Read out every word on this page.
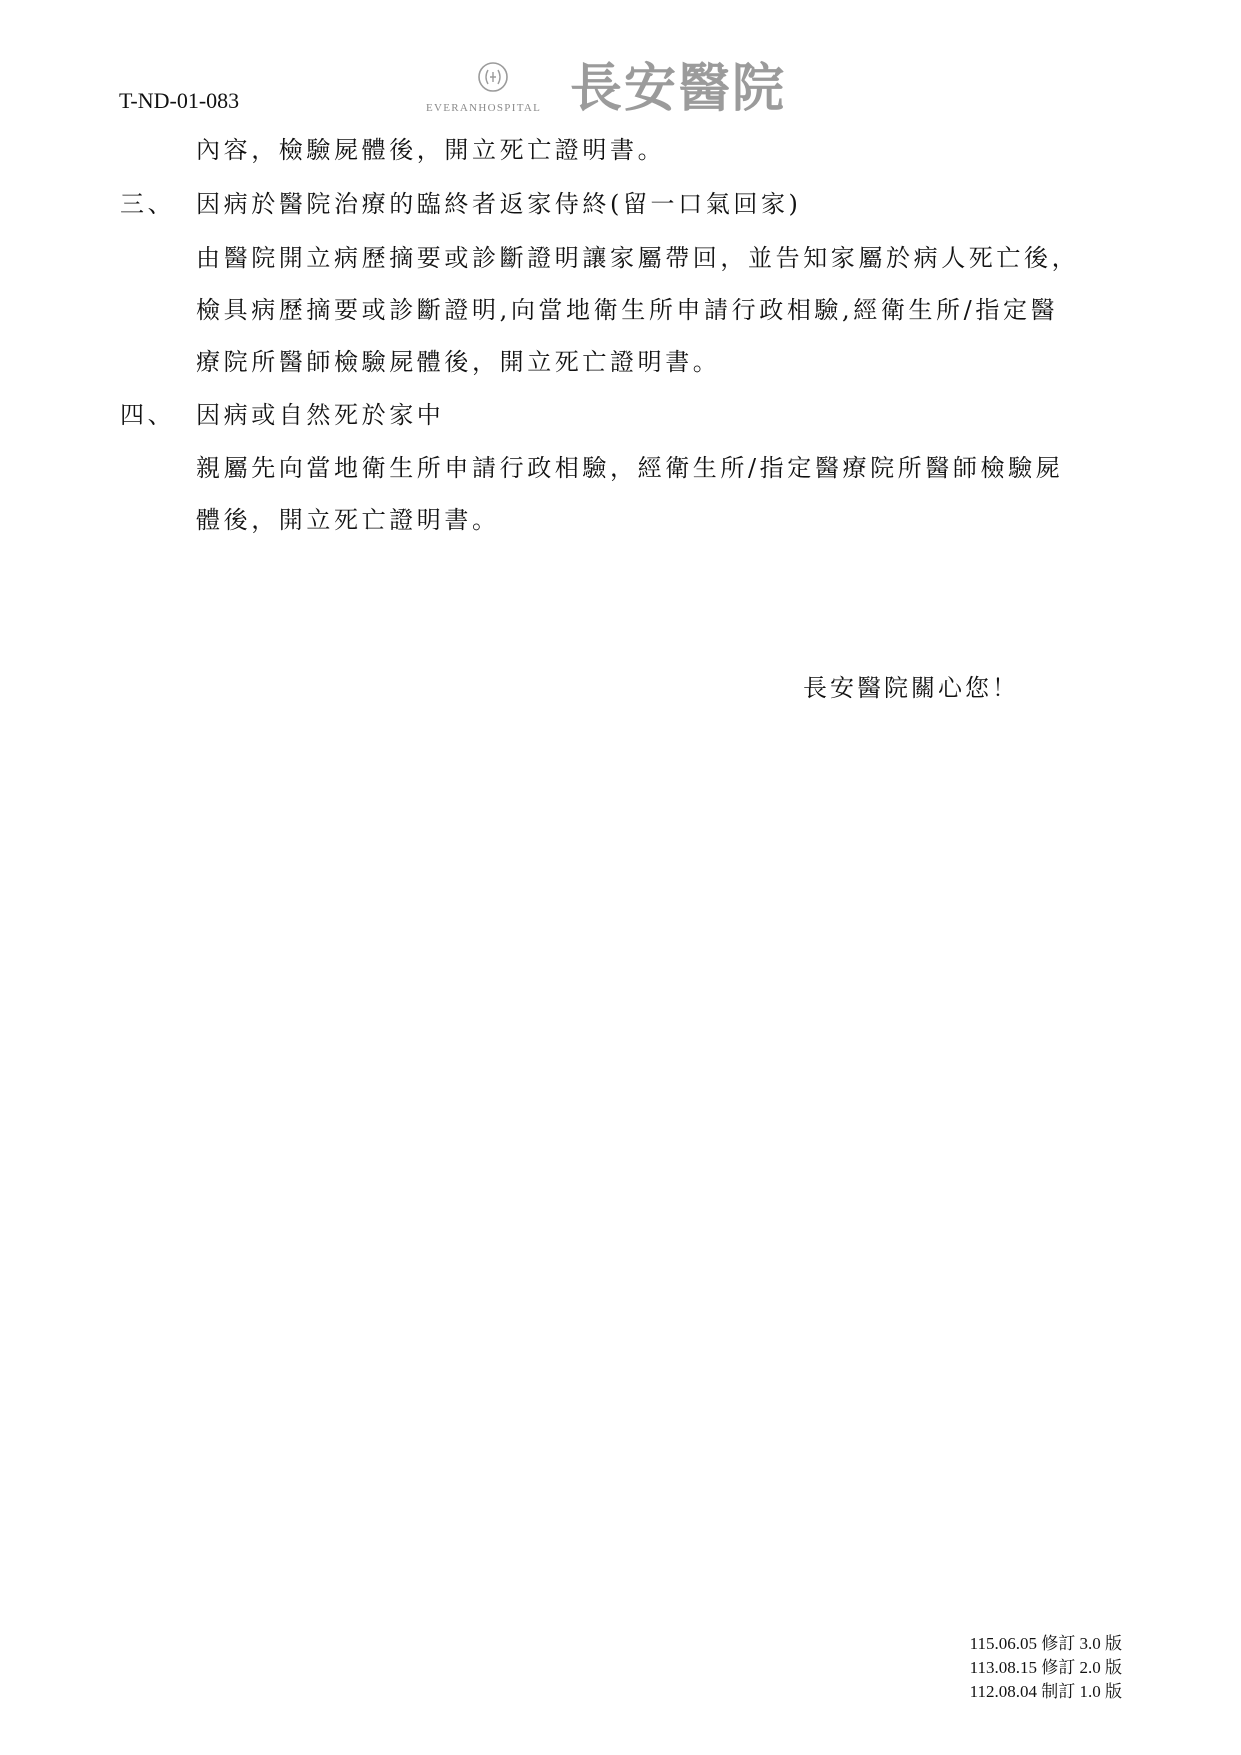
T-ND-01-083	EVERANHOSPITAL 長安醫院
內容，檢驗屍體後，開立死亡證明書。
三、 因病於醫院治療的臨終者返家侍終(留一口氣回家)
由醫院開立病歷摘要或診斷證明讓家屬帶回，並告知家屬於病人死亡後，
檢具病歷摘要或診斷證明,向當地衛生所申請行政相驗,經衛生所/指定醫
療院所醫師檢驗屍體後，開立死亡證明書。
四、 因病或自然死於家中
親屬先向當地衛生所申請行政相驗，經衛生所/指定醫療院所醫師檢驗屍
體後，開立死亡證明書。
長安醫院關心您！
115.06.05 修訂 3.0 版
113.08.15 修訂 2.0 版
112.08.04 制訂 1.0 版
